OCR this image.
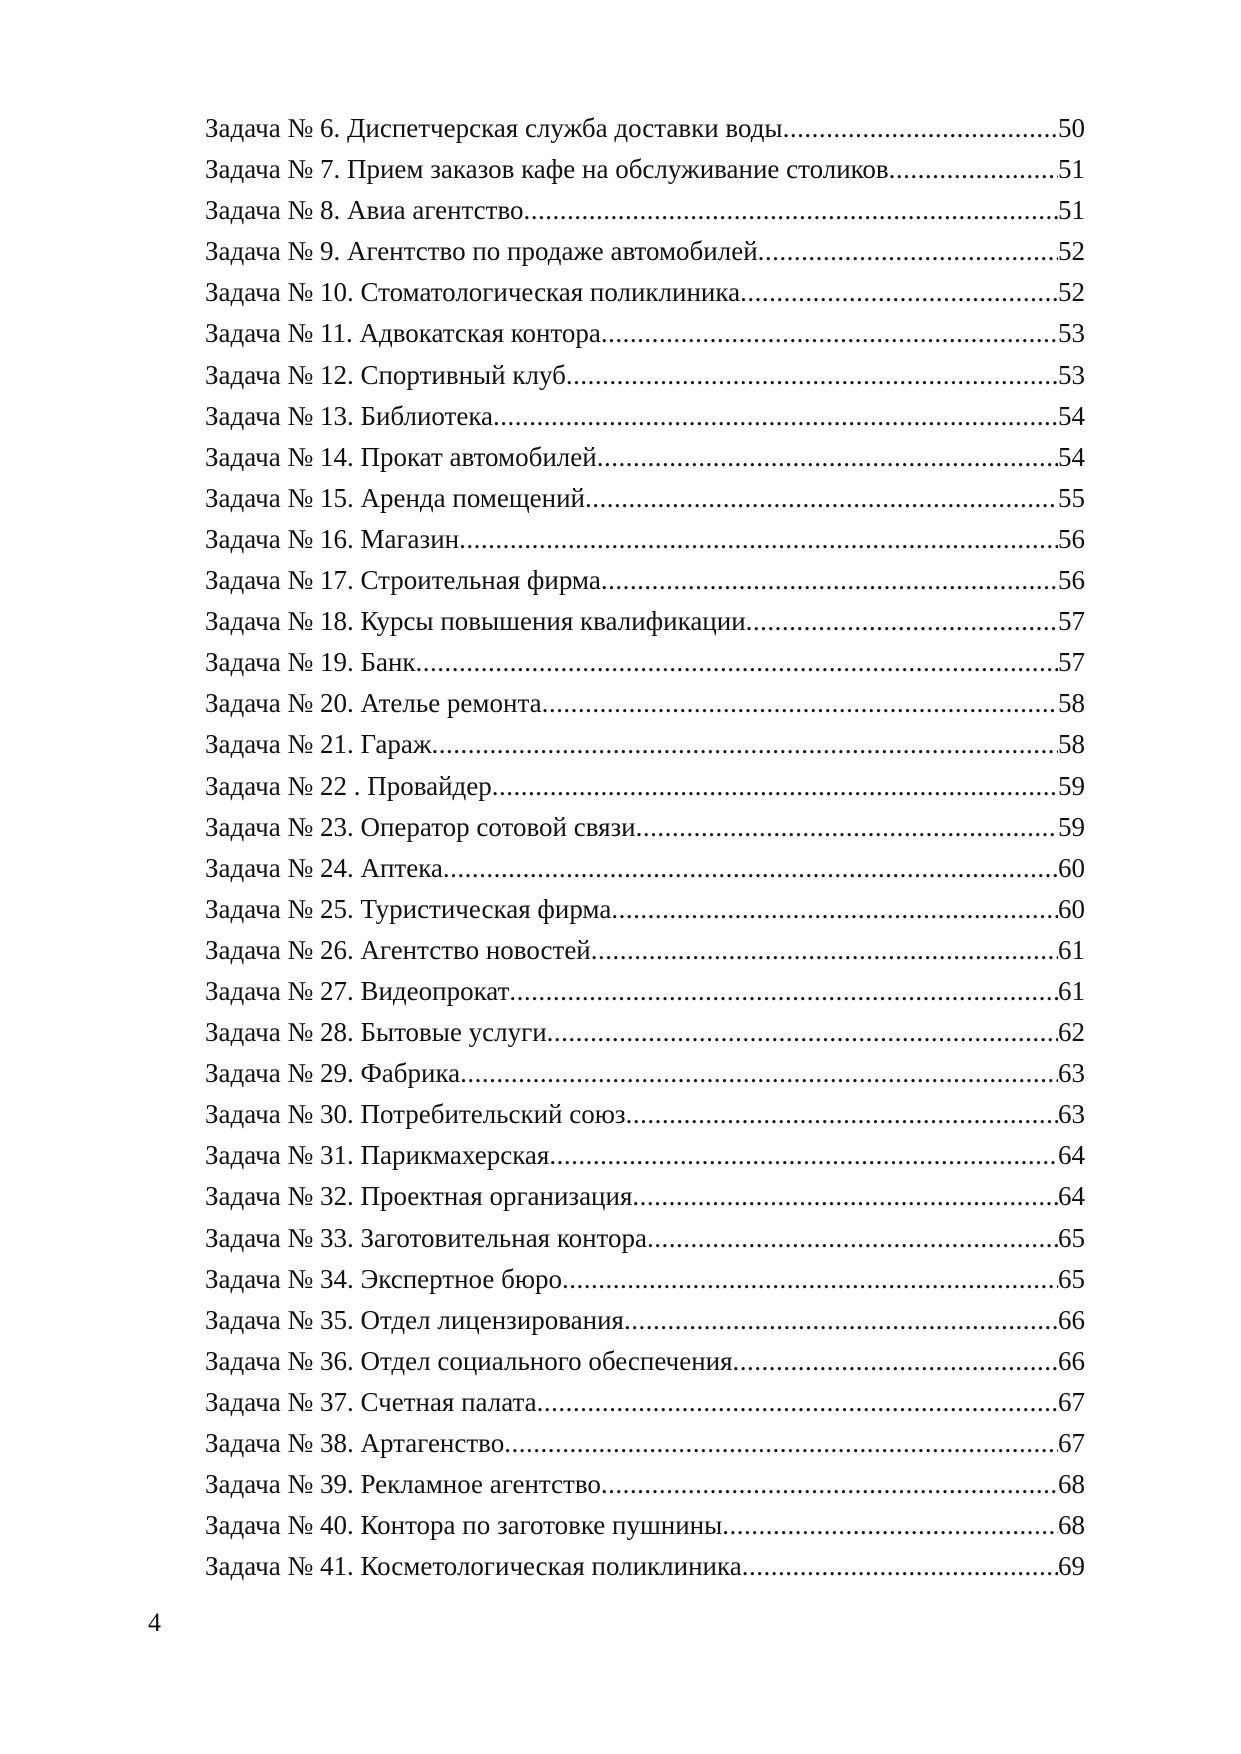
Задача № 6. Диспетчерская служба доставки воды .....	50
Задача № 7. Прием заказов кафе на обслуживание столиков .....	51
Задача № 8. Авиа агентство .....	51
Задача № 9. Агентство по продаже автомобилей .....	52
Задача № 10. Стоматологическая поликлиника .....	52
Задача № 11. Адвокатская контора .....	53
Задача № 12. Спортивный клуб .....	53
Задача № 13. Библиотека .....	54
Задача № 14. Прокат автомобилей .....	54
Задача № 15. Аренда помещений .....	55
Задача № 16. Магазин .....	56
Задача № 17. Строительная фирма .....	56
Задача № 18. Курсы повышения квалификации .....	57
Задача № 19. Банк .....	57
Задача № 20. Ателье ремонта .....	58
Задача № 21. Гараж .....	58
Задача № 22 . Провайдер .....	59
Задача № 23. Оператор сотовой связи .....	59
Задача № 24. Аптека .....	60
Задача № 25. Туристическая фирма .....	60
Задача № 26. Агентство новостей .....	61
Задача № 27. Видеопрокат .....	61
Задача № 28. Бытовые услуги .....	62
Задача № 29. Фабрика .....	63
Задача № 30. Потребительский союз .....	63
Задача № 31. Парикмахерская .....	64
Задача № 32. Проектная организация .....	64
Задача № 33. Заготовительная контора .....	65
Задача № 34. Экспертное бюро .....	65
Задача № 35. Отдел лицензирования .....	66
Задача № 36. Отдел социального обеспечения .....	66
Задача № 37. Счетная палата .....	67
Задача № 38. Артагенство .....	67
Задача № 39. Рекламное агентство .....	68
Задача № 40. Контора по заготовке пушнины .....	68
Задача № 41. Косметологическая поликлиника .....	69
4
